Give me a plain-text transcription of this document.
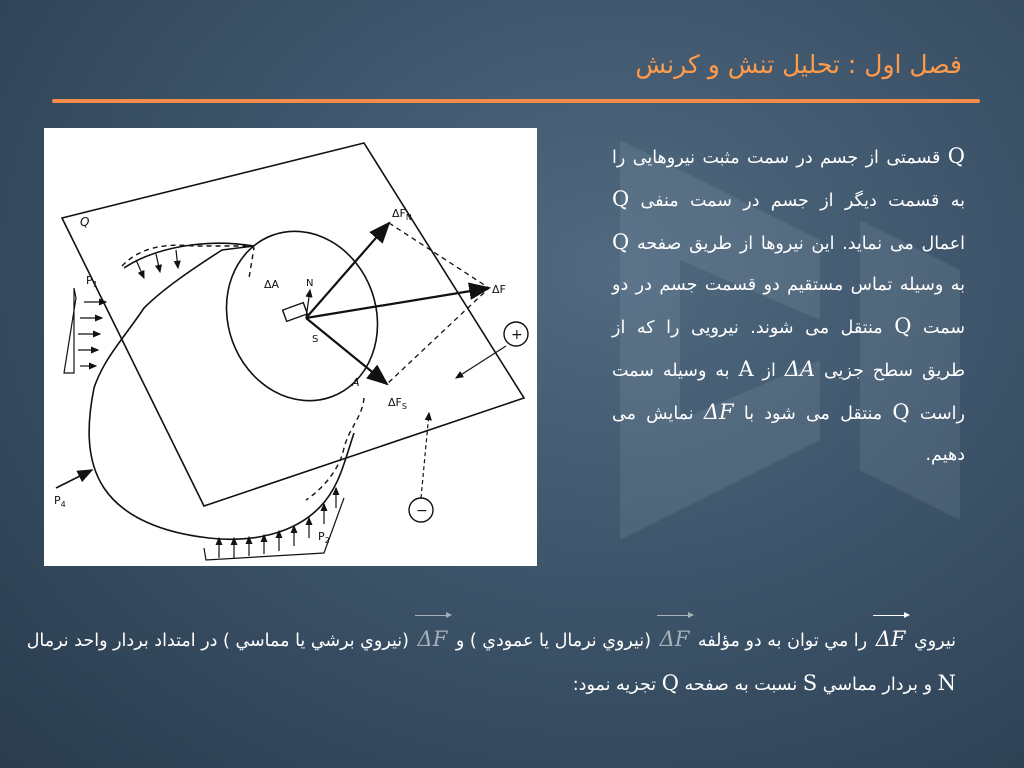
فصل اول : تحليل تنش و كرنش
Q
$\Delta F_N$
ΔF
$\Delta F_S$
ΔA	N
S
A
$P_1$
$P_2$
$P_4$
+
−
Q قسمتی از جسم در سمت مثبت نیروهایی را به قسمت ديگر از جسم در سمت منفی Q اعمال می نمايد. اين نیروها از طريق صفحه Q به وسیله تماس مستقیم دو قسمت جسم در دو سمت Q منتقل می شوند. نیرويی را كه از طريق سطح جزيی ΔA از A به وسیله سمت راست Q منتقل می شود با ΔF نمايش می دهیم.
نيروي ΔF را مي توان به دو مؤلفه ΔF (نيروي نرمال يا عمودي ) و ΔF (نيروي برشي يا مماسي ) در امتداد بردار واحد نرمال N و بردار مماسي S نسبت به صفحه Q تجزيه نمود:
